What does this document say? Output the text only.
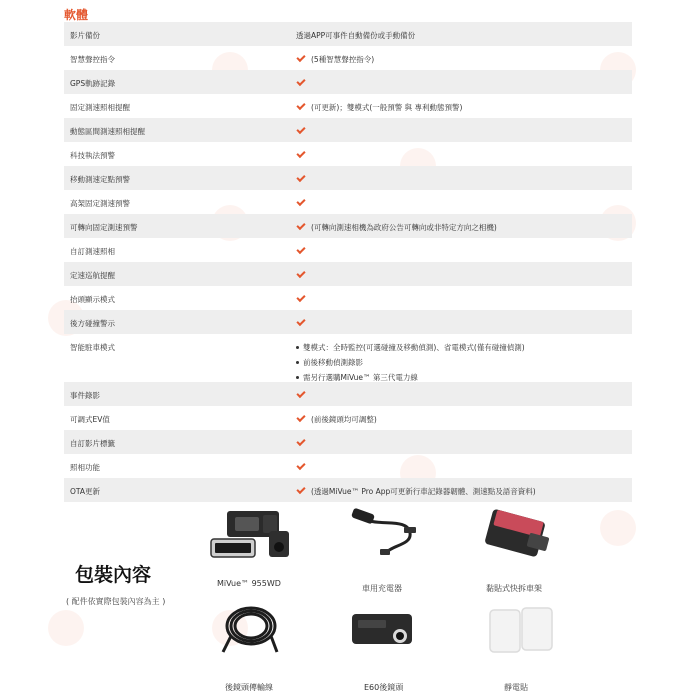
軟體
影片備份	透過APP可事件自動備份或手動備份
智慧聲控指令	(5種智慧聲控指令)
GPS軌跡記錄
固定測速照相提醒	(可更新)；雙模式(一般預警 與 專利動態預警)
動態區間測速照相提醒
科技執法預警
移動測速定點預警
高架固定測速預警
可轉向固定測速預警	(可轉向測速相機為政府公告可轉向或非特定方向之相機)
自訂測速照相
定速巡航提醒
抬頭顯示模式
後方碰撞警示
智能駐車模式	雙模式：全時監控(可選碰撞及移動偵測)、省電模式(僅有碰撞偵測)
前後移動偵測錄影
需另行選購MiVue™ 第三代電力線
事件錄影
可調式EV值	(前後鏡頭均可調整)
自訂影片標籤
照相功能
OTA更新	(透過MiVue™ Pro App可更新行車記錄器韌體、測速點及語音資料)
包裝內容
( 配件依實際包裝內容為主 )
MiVue™ 955WD
車用充電器	黏貼式快拆車架
後鏡頭傳輸線	E60後鏡頭	靜電貼
